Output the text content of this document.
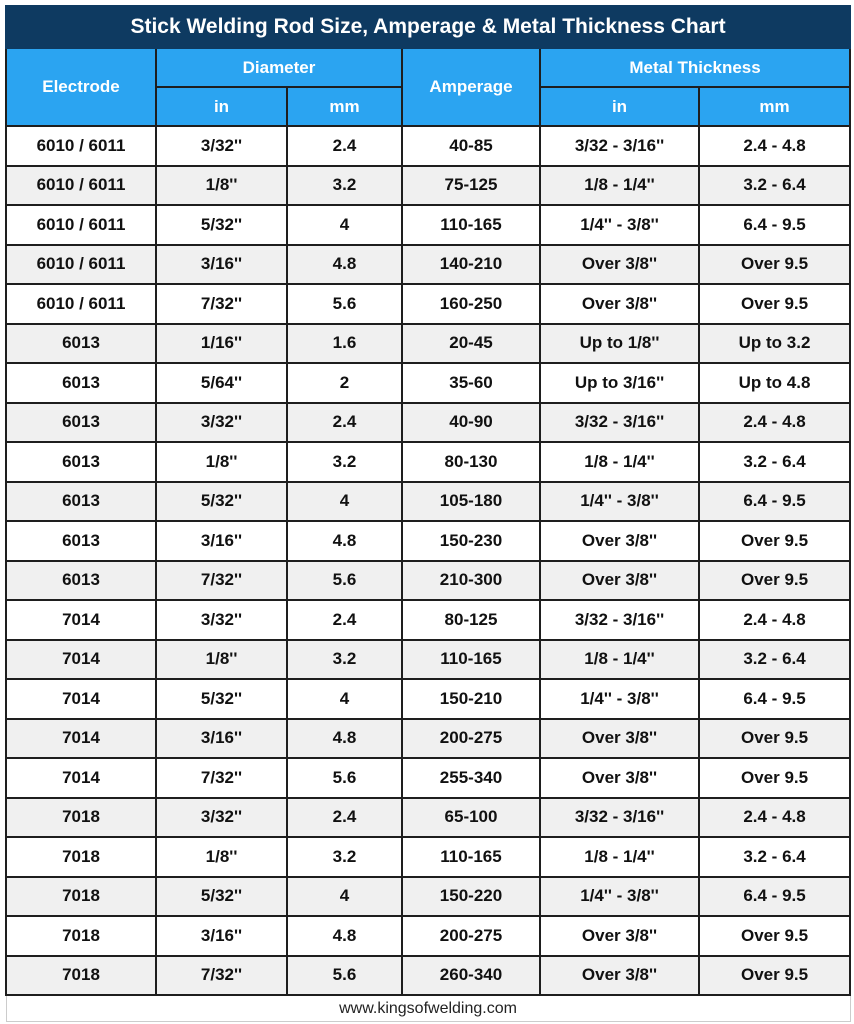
Stick Welding Rod Size, Amperage & Metal Thickness Chart					
Electrode	Diameter		Amperage	Metal Thickness	
	in	mm		in	mm
6010 / 6011	3/32''	2.4	40-85	3/32 - 3/16''	2.4 - 4.8
6010 / 6011	1/8''	3.2	75-125	1/8 - 1/4''	3.2 - 6.4
6010 / 6011	5/32''	4	110-165	1/4'' - 3/8''	6.4 - 9.5
6010 / 6011	3/16''	4.8	140-210	Over 3/8''	Over 9.5
6010 / 6011	7/32''	5.6	160-250	Over 3/8''	Over 9.5
6013	1/16''	1.6	20-45	Up to 1/8''	Up to 3.2
6013	5/64''	2	35-60	Up to 3/16''	Up to 4.8
6013	3/32''	2.4	40-90	3/32 - 3/16''	2.4 - 4.8
6013	1/8''	3.2	80-130	1/8 - 1/4''	3.2 - 6.4
6013	5/32''	4	105-180	1/4'' - 3/8''	6.4 - 9.5
6013	3/16''	4.8	150-230	Over 3/8''	Over 9.5
6013	7/32''	5.6	210-300	Over 3/8''	Over 9.5
7014	3/32''	2.4	80-125	3/32 - 3/16''	2.4 - 4.8
7014	1/8''	3.2	110-165	1/8 - 1/4''	3.2 - 6.4
7014	5/32''	4	150-210	1/4'' - 3/8''	6.4 - 9.5
7014	3/16''	4.8	200-275	Over 3/8''	Over 9.5
7014	7/32''	5.6	255-340	Over 3/8''	Over 9.5
7018	3/32''	2.4	65-100	3/32 - 3/16''	2.4 - 4.8
7018	1/8''	3.2	110-165	1/8 - 1/4''	3.2 - 6.4
7018	5/32''	4	150-220	1/4'' - 3/8''	6.4 - 9.5
7018	3/16''	4.8	200-275	Over 3/8''	Over 9.5
7018	7/32''	5.6	260-340	Over 3/8''	Over 9.5
www.kingsofwelding.com					
